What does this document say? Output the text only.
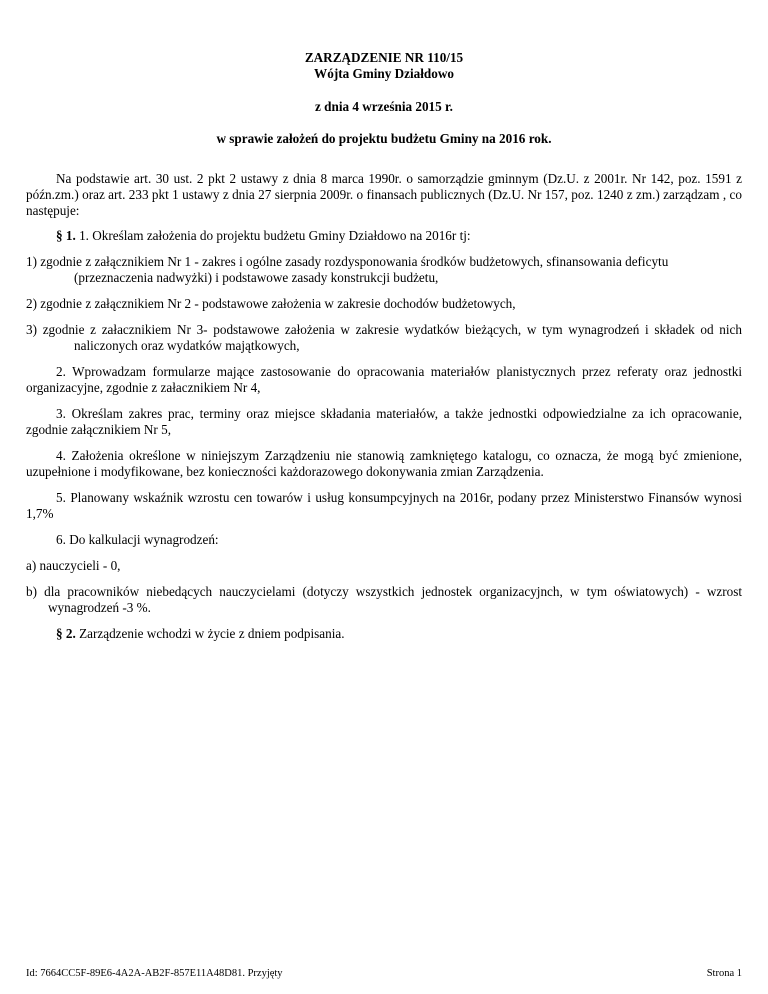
ZARZĄDZENIE NR 110/15
Wójta Gminy Działdowo
z dnia 4 września 2015 r.
w sprawie założeń do projektu budżetu Gminy na 2016 rok.

Na podstawie art. 30 ust. 2 pkt 2 ustawy z dnia 8 marca 1990r. o samorządzie gminnym (Dz.U. z 2001r. Nr 142, poz. 1591 z późn.zm.) oraz art. 233 pkt 1 ustawy z dnia 27 sierpnia 2009r. o finansach publicznych (Dz.U. Nr 157, poz. 1240 z zm.) zarządzam , co następuje:

§ 1. 1. Określam założenia do projektu budżetu Gminy Działdowo na 2016r tj:

1) zgodnie z załącznikiem Nr 1 - zakres i ogólne zasady rozdysponowania środków budżetowych, sfinansowania deficytu (przeznaczenia nadwyżki) i podstawowe zasady konstrukcji budżetu,

2) zgodnie z załącznikiem Nr 2 - podstawowe założenia w zakresie dochodów budżetowych,

3) zgodnie z załacznikiem Nr 3- podstawowe założenia w zakresie wydatków bieżących, w tym wynagrodzeń i składek od nich naliczonych oraz wydatków majątkowych,

2. Wprowadzam formularze mające zastosowanie do opracowania materiałów planistycznych przez referaty oraz jednostki organizacyjne, zgodnie z załacznikiem Nr 4,

3. Określam zakres prac, terminy oraz miejsce składania materiałów, a także jednostki odpowiedzialne za ich opracowanie, zgodnie załącznikiem Nr 5,

4. Założenia określone w niniejszym Zarządzeniu nie stanowią zamkniętego katalogu, co oznacza, że mogą być zmienione, uzupełnione i modyfikowane, bez konieczności każdorazowego dokonywania zmian Zarządzenia.

5. Planowany wskaźnik wzrostu cen towarów i usług konsumpcyjnych na 2016r, podany przez Ministerstwo Finansów wynosi 1,7%

6. Do kalkulacji wynagrodzeń:

a) nauczycieli - 0,

b) dla pracowników niebedących nauczycielami (dotyczy wszystkich jednostek organizacyjnch, w tym oświatowych) - wzrost wynagrodzeń -3 %.

§ 2. Zarządzenie wchodzi w życie z dniem podpisania.

Id: 7664CC5F-89E6-4A2A-AB2F-857E11A48D81. Przyjęty	Strona 1
